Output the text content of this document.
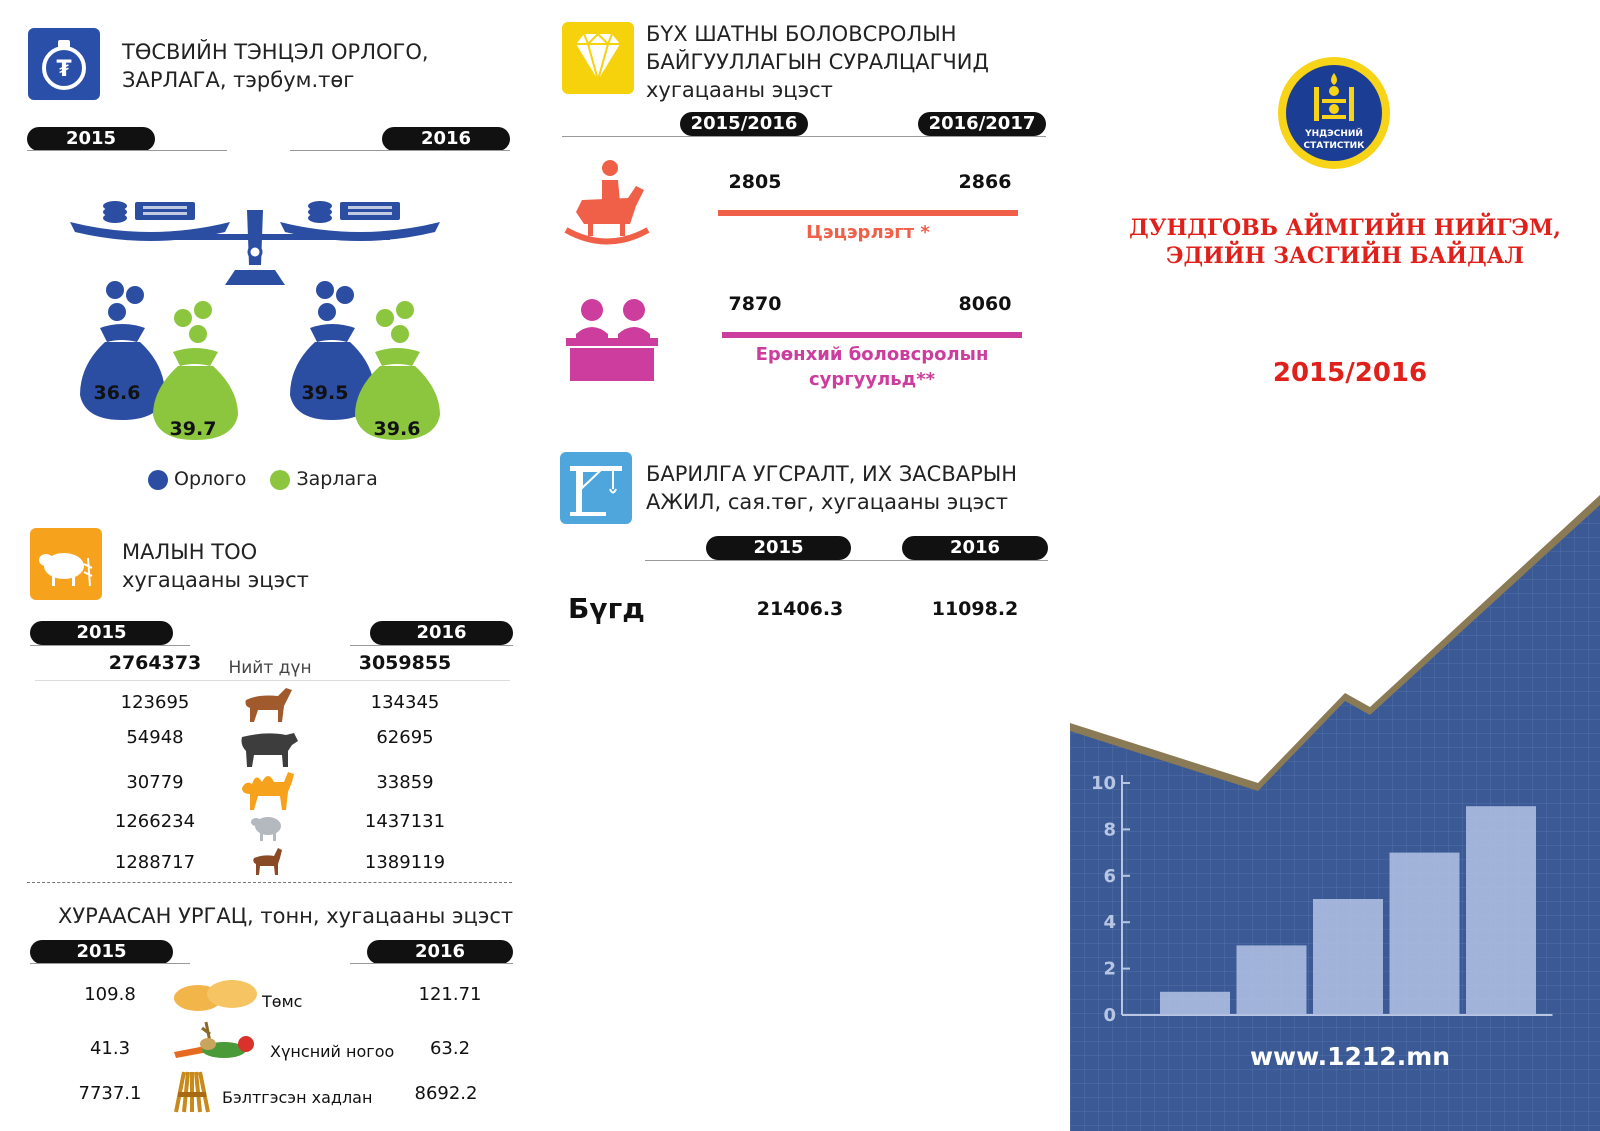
₮
ТӨСВИЙН ТЭНЦЭЛ ОРЛОГО,
ЗАРЛАГА, тэрбум.төг
2015	2016
36.6
39.7
39.5
39.6
Орлого	Зарлага
МАЛЫН ТОО
хугацааны эцэст
2015	2016
2764373	Нийт дүн	3059855
123695	134345
54948	62695
30779	33859
1266234	1437131
1288717	1389119
ХУРААСАН УРГАЦ, тонн, хугацааны эцэст
2015	2016
109.8	Төмс	121.71
41.3	Хүнсний ногоо	63.2
7737.1	Бэлтгэсэн хадлан	8692.2
БҮХ ШАТНЫ БОЛОВСРОЛЫН
БАЙГУУЛЛАГЫН СУРАЛЦАГЧИД
хугацааны эцэст
2015/2016	2016/2017
2805	2866
Цэцэрлэгт *
7870	8060
Ерөнхий боловсролын
сургуульд**
БАРИЛГА УГСРАЛТ, ИХ ЗАСВАРЫН
АЖИЛ, сая.төг, хугацааны эцэст
2015	2016
Бүгд	21406.3	11098.2
ҮНДЭСНИЙ
СТАТИСТИК
ДУНДГОВЬ АЙМГИЙН НИЙГЭМ,
ЭДИЙН ЗАСГИЙН БАЙДАЛ
2015/2016
0
2
4
6
8
10
www.1212.mn
